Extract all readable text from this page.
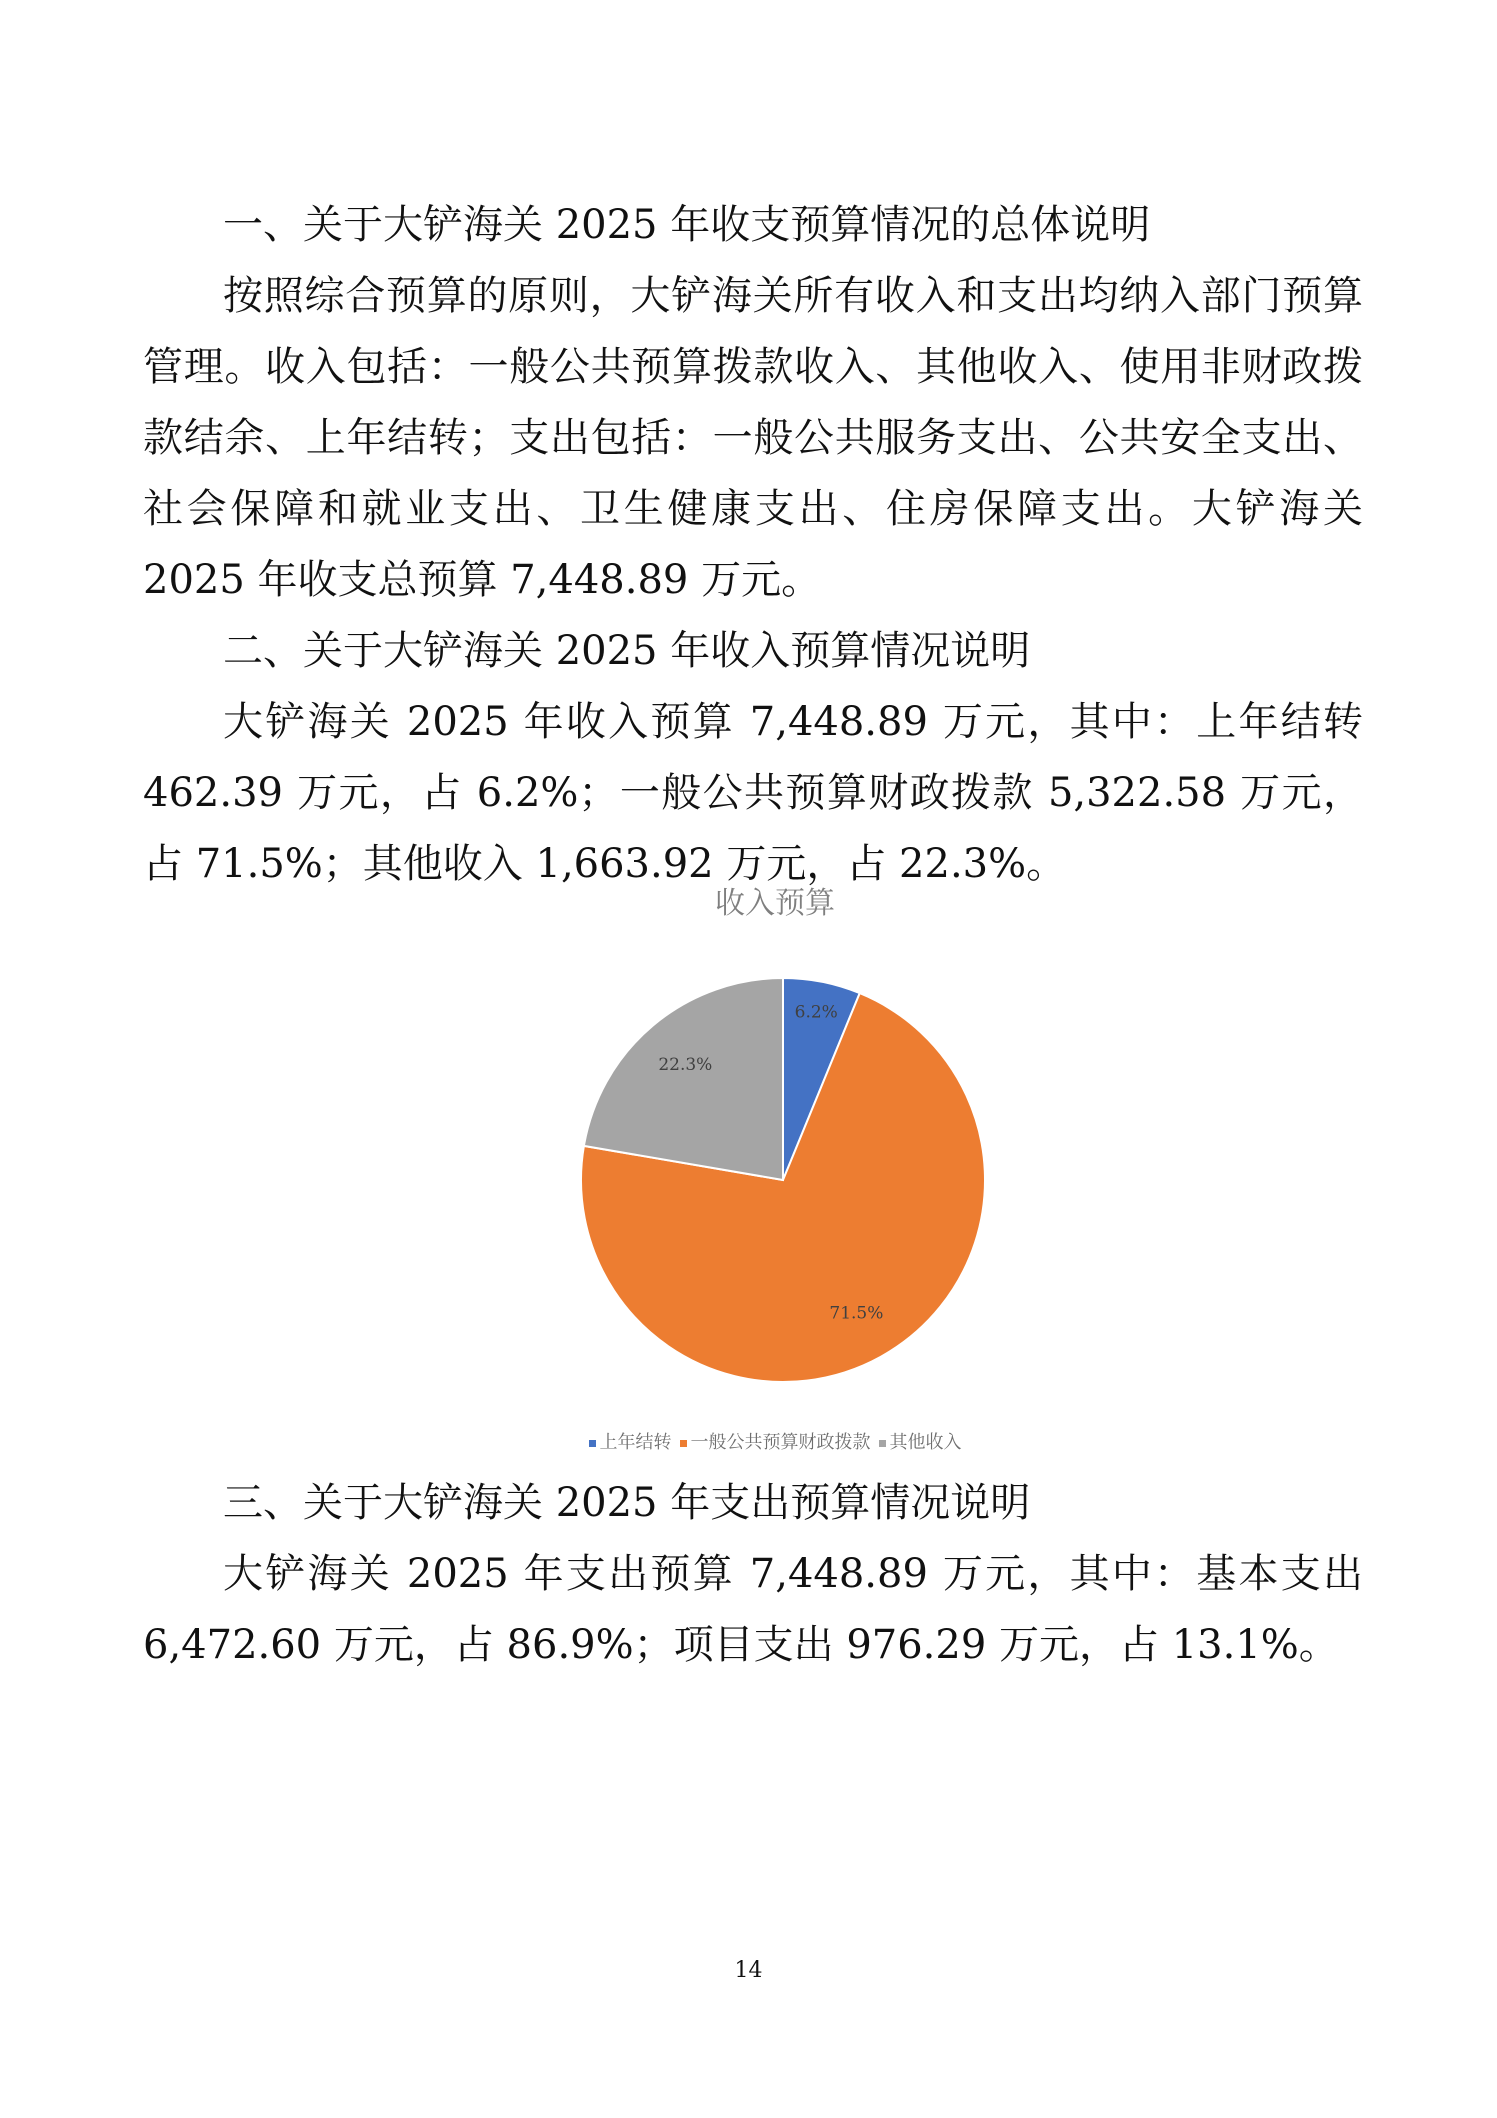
一、关于大铲海关 2025 年收支预算情况的总体说明

按照综合预算的原则，大铲海关所有收入和支出均纳入部门预算管理。收入包括：一般公共预算拨款收入、其他收入、使用非财政拨款结余、上年结转；支出包括：一般公共服务支出、公共安全支出、社会保障和就业支出、卫生健康支出、住房保障支出。大铲海关 2025 年收支总预算 7,448.89 万元。

二、关于大铲海关 2025 年收入预算情况说明

大铲海关 2025 年收入预算 7,448.89 万元，其中：上年结转 462.39 万元，占 6.2%；一般公共预算财政拨款 5,322.58 万元，占 71.5%；其他收入 1,663.92 万元，占 22.3%。

收入预算
6.2%
71.5%
22.3%
上年结转 一般公共预算财政拨款 其他收入

三、关于大铲海关 2025 年支出预算情况说明

大铲海关 2025 年支出预算 7,448.89 万元，其中：基本支出 6,472.60 万元，占 86.9%；项目支出 976.29 万元，占 13.1%。

14
